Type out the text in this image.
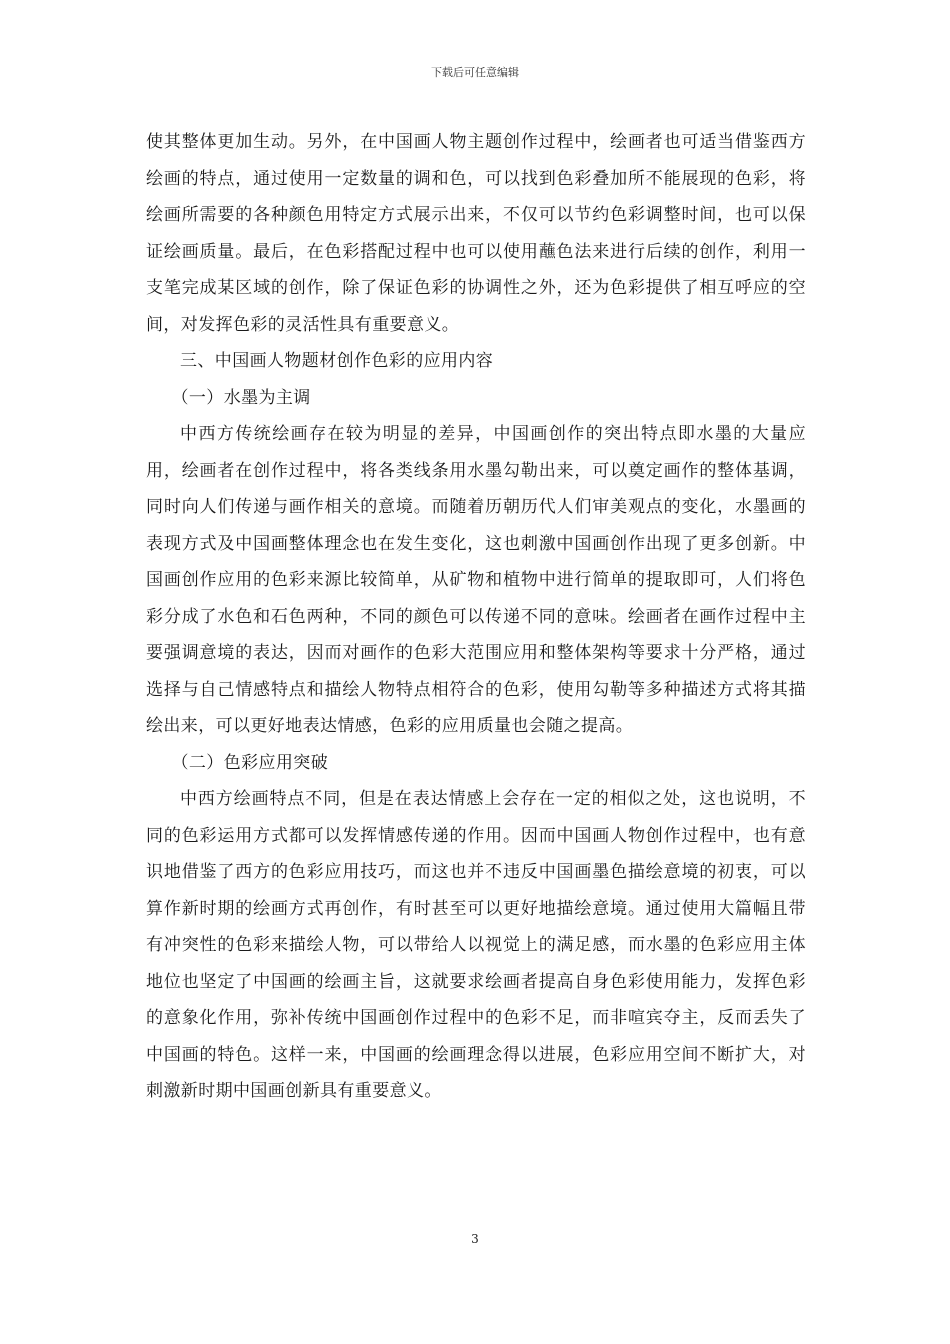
下载后可任意编辑

使其整体更加生动。另外，在中国画人物主题创作过程中，绘画者也可适当借鉴西方绘画的特点，通过使用一定数量的调和色，可以找到色彩叠加所不能展现的色彩，将绘画所需要的各种颜色用特定方式展示出来，不仅可以节约色彩调整时间，也可以保证绘画质量。最后，在色彩搭配过程中也可以使用蘸色法来进行后续的创作，利用一支笔完成某区域的创作，除了保证色彩的协调性之外，还为色彩提供了相互呼应的空间，对发挥色彩的灵活性具有重要意义。

三、中国画人物题材创作色彩的应用内容

（一）水墨为主调

中西方传统绘画存在较为明显的差异，中国画创作的突出特点即水墨的大量应用，绘画者在创作过程中，将各类线条用水墨勾勒出来，可以奠定画作的整体基调，同时向人们传递与画作相关的意境。而随着历朝历代人们审美观点的变化，水墨画的表现方式及中国画整体理念也在发生变化，这也刺激中国画创作出现了更多创新。中国画创作应用的色彩来源比较简单，从矿物和植物中进行简单的提取即可，人们将色彩分成了水色和石色两种，不同的颜色可以传递不同的意味。绘画者在画作过程中主要强调意境的表达，因而对画作的色彩大范围应用和整体架构等要求十分严格，通过选择与自己情感特点和描绘人物特点相符合的色彩，使用勾勒等多种描述方式将其描绘出来，可以更好地表达情感，色彩的应用质量也会随之提高。

（二）色彩应用突破

中西方绘画特点不同，但是在表达情感上会存在一定的相似之处，这也说明，不同的色彩运用方式都可以发挥情感传递的作用。因而中国画人物创作过程中，也有意识地借鉴了西方的色彩应用技巧，而这也并不违反中国画墨色描绘意境的初衷，可以算作新时期的绘画方式再创作，有时甚至可以更好地描绘意境。通过使用大篇幅且带有冲突性的色彩来描绘人物，可以带给人以视觉上的满足感，而水墨的色彩应用主体地位也坚定了中国画的绘画主旨，这就要求绘画者提高自身色彩使用能力，发挥色彩的意象化作用，弥补传统中国画创作过程中的色彩不足，而非喧宾夺主，反而丢失了中国画的特色。这样一来，中国画的绘画理念得以进展，色彩应用空间不断扩大，对刺激新时期中国画创新具有重要意义。

3
